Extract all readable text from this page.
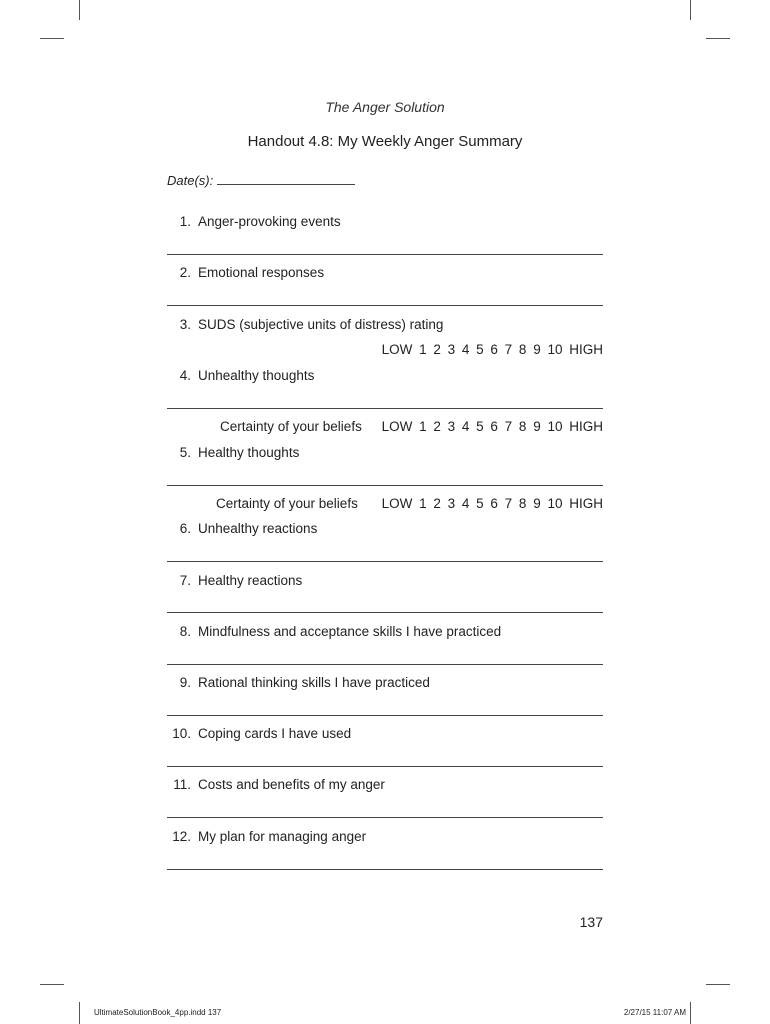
The Anger Solution
Handout 4.8: My Weekly Anger Summary
Date(s):
1. Anger-provoking events
2. Emotional responses
3. SUDS (subjective units of distress) rating
LOW 1 2 3 4 5 6 7 8 9 10 HIGH
4. Unhealthy thoughts
Certainty of your beliefs LOW 1 2 3 4 5 6 7 8 9 10 HIGH
5. Healthy thoughts
Certainty of your beliefs LOW 1 2 3 4 5 6 7 8 9 10 HIGH
6. Unhealthy reactions
7. Healthy reactions
8. Mindfulness and acceptance skills I have practiced
9. Rational thinking skills I have practiced
10. Coping cards I have used
11. Costs and benefits of my anger
12. My plan for managing anger
137
UltimateSolutionBook_4pp.indd 137	2/27/15 11:07 AM
